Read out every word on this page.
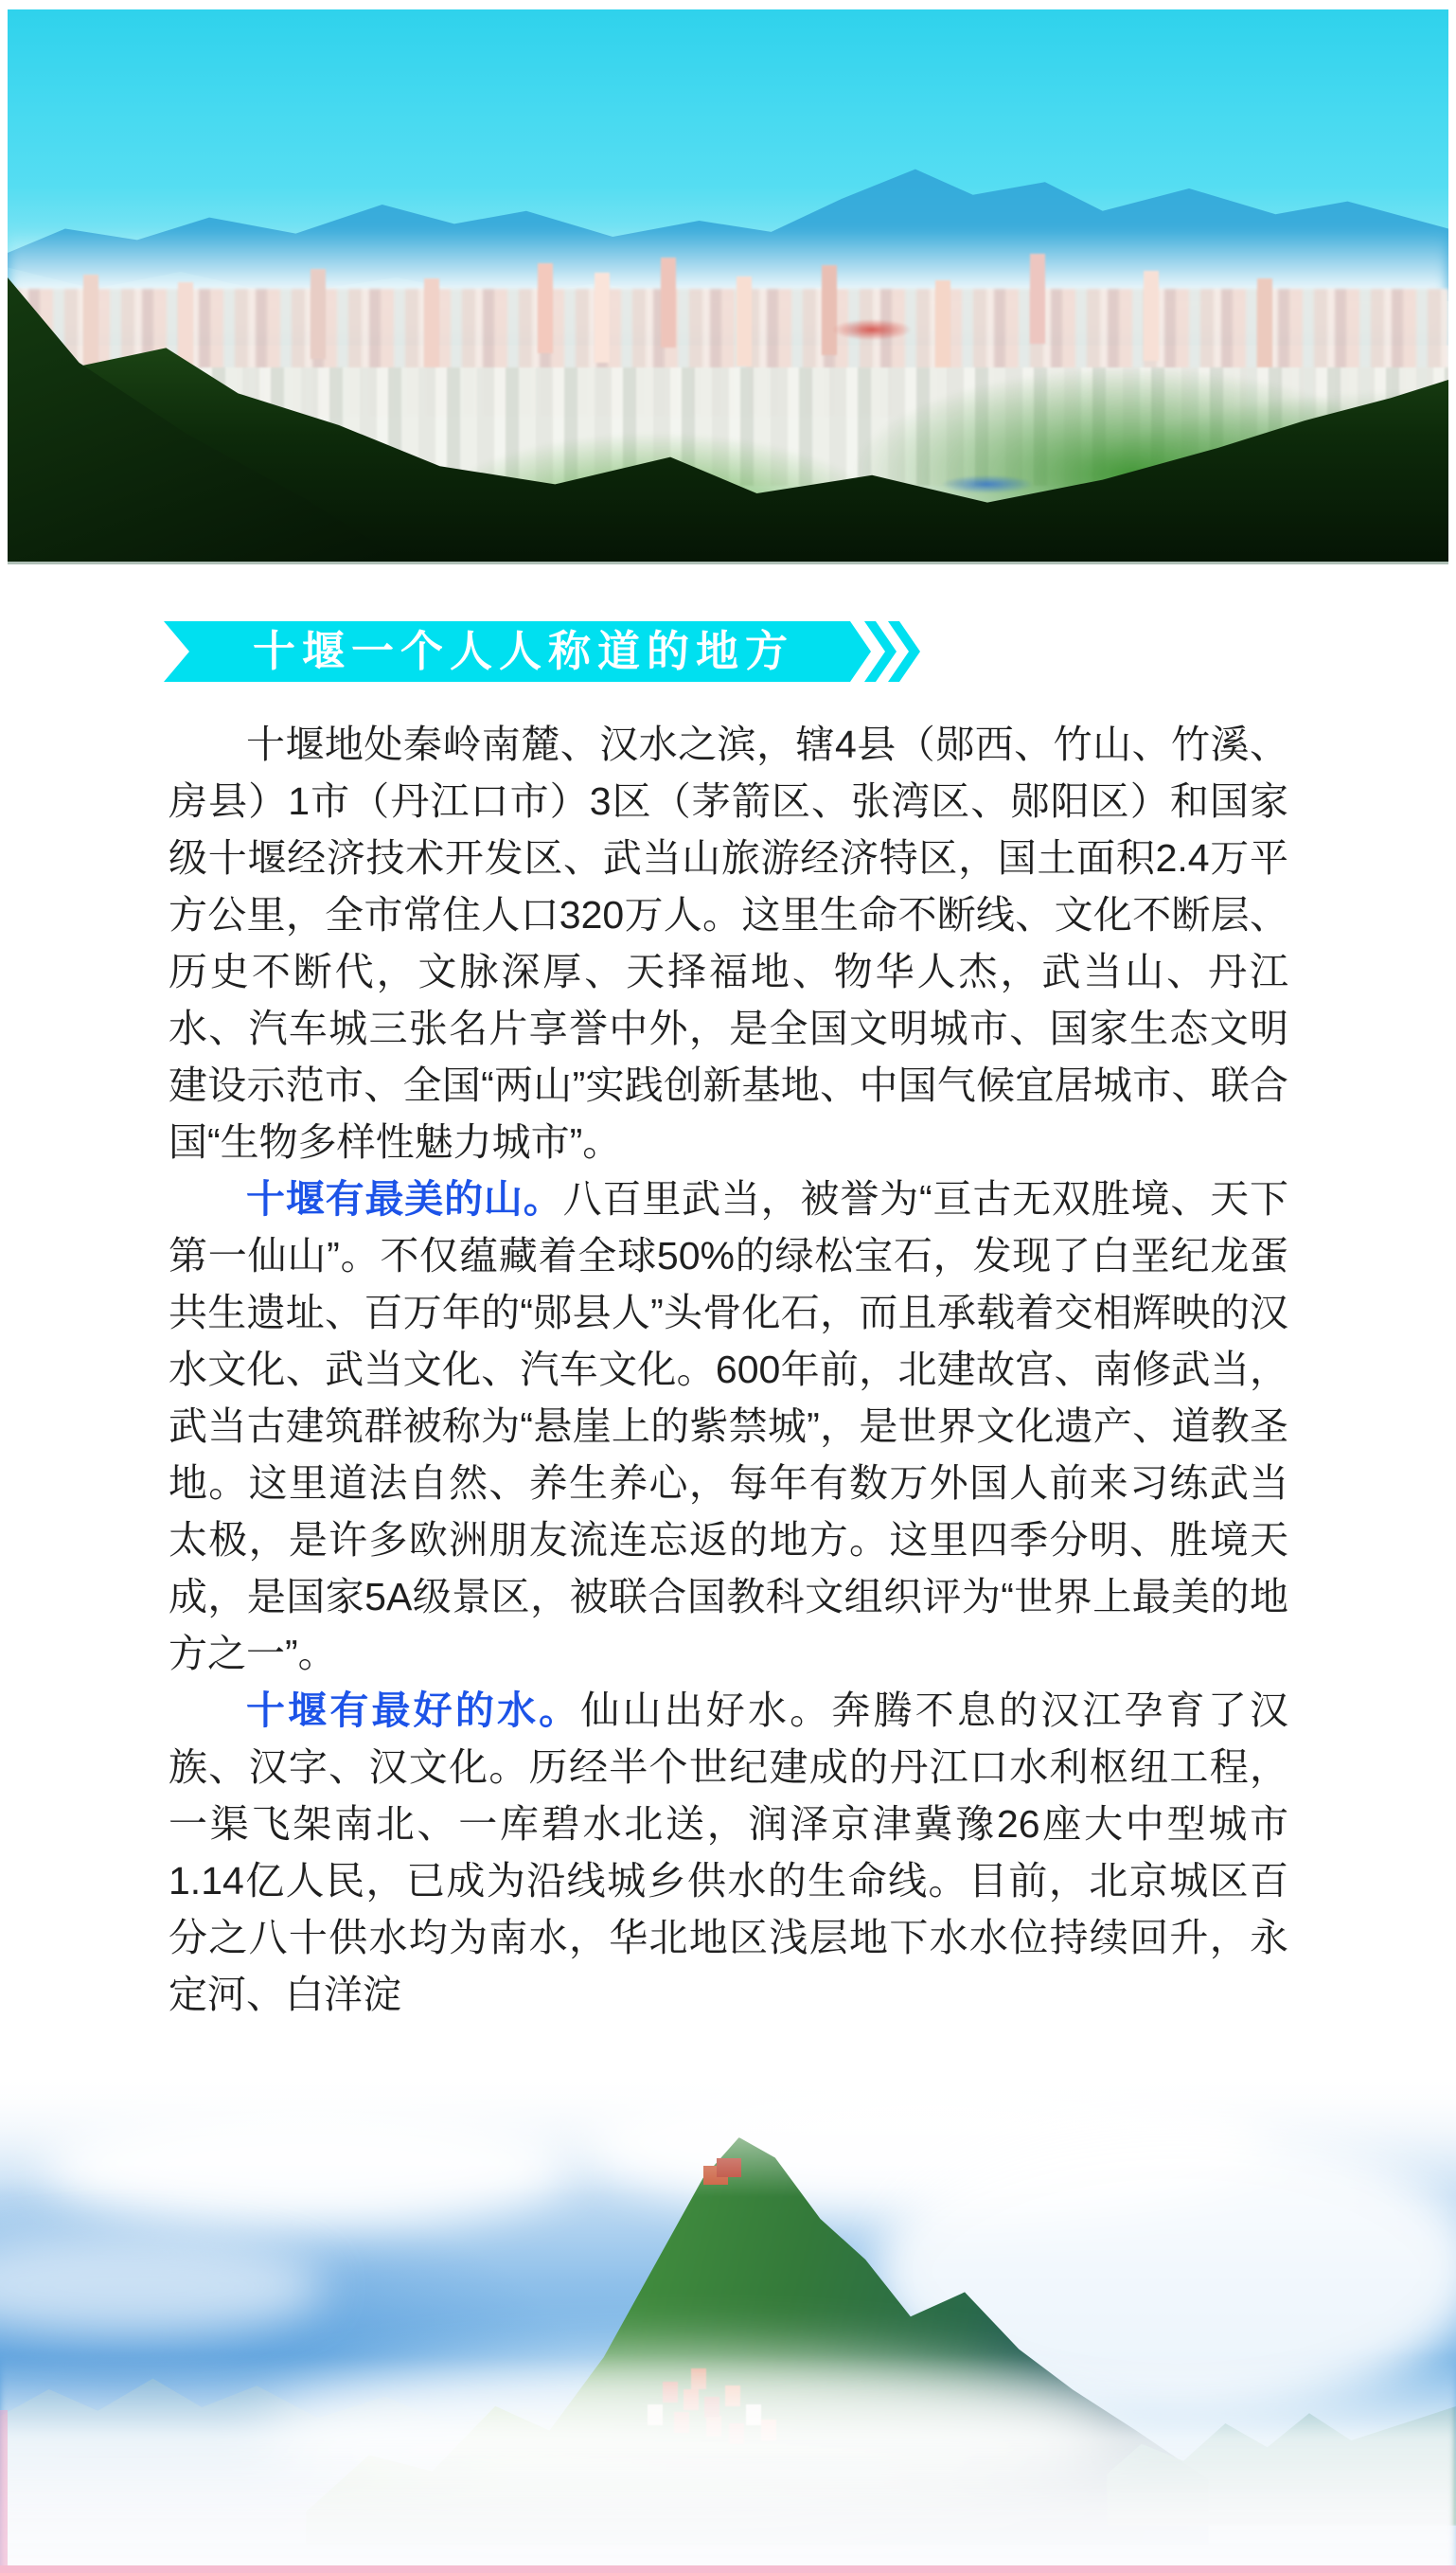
十堰一个人人称道的地方

十堰地处秦岭南麓、汉水之滨，辖4县（郧西、竹山、竹溪、房县）1市（丹江口市）3区（茅箭区、张湾区、郧阳区）和国家级十堰经济技术开发区、武当山旅游经济特区，国土面积2.4万平方公里，全市常住人口320万人。这里生命不断线、文化不断层、历史不断代，文脉深厚、天择福地、物华人杰，武当山、丹江水、汽车城三张名片享誉中外，是全国文明城市、国家生态文明建设示范市、全国“两山”实践创新基地、中国气候宜居城市、联合国“生物多样性魅力城市”。

十堰有最美的山。八百里武当，被誉为“亘古无双胜境、天下第一仙山”。不仅蕴藏着全球50%的绿松宝石，发现了白垩纪龙蛋共生遗址、百万年的“郧县人”头骨化石，而且承载着交相辉映的汉水文化、武当文化、汽车文化。600年前，北建故宫、南修武当，武当古建筑群被称为“悬崖上的紫禁城”，是世界文化遗产、道教圣地。这里道法自然、养生养心，每年有数万外国人前来习练武当太极，是许多欧洲朋友流连忘返的地方。这里四季分明、胜境天成，是国家5A级景区，被联合国教科文组织评为“世界上最美的地方之一”。

十堰有最好的水。仙山出好水。奔腾不息的汉江孕育了汉族、汉字、汉文化。历经半个世纪建成的丹江口水利枢纽工程，一渠飞架南北、一库碧水北送，润泽京津冀豫26座大中型城市1.14亿人民，已成为沿线城乡供水的生命线。目前，北京城区百分之八十供水均为南水，华北地区浅层地下水水位持续回升，永定河、白洋淀
